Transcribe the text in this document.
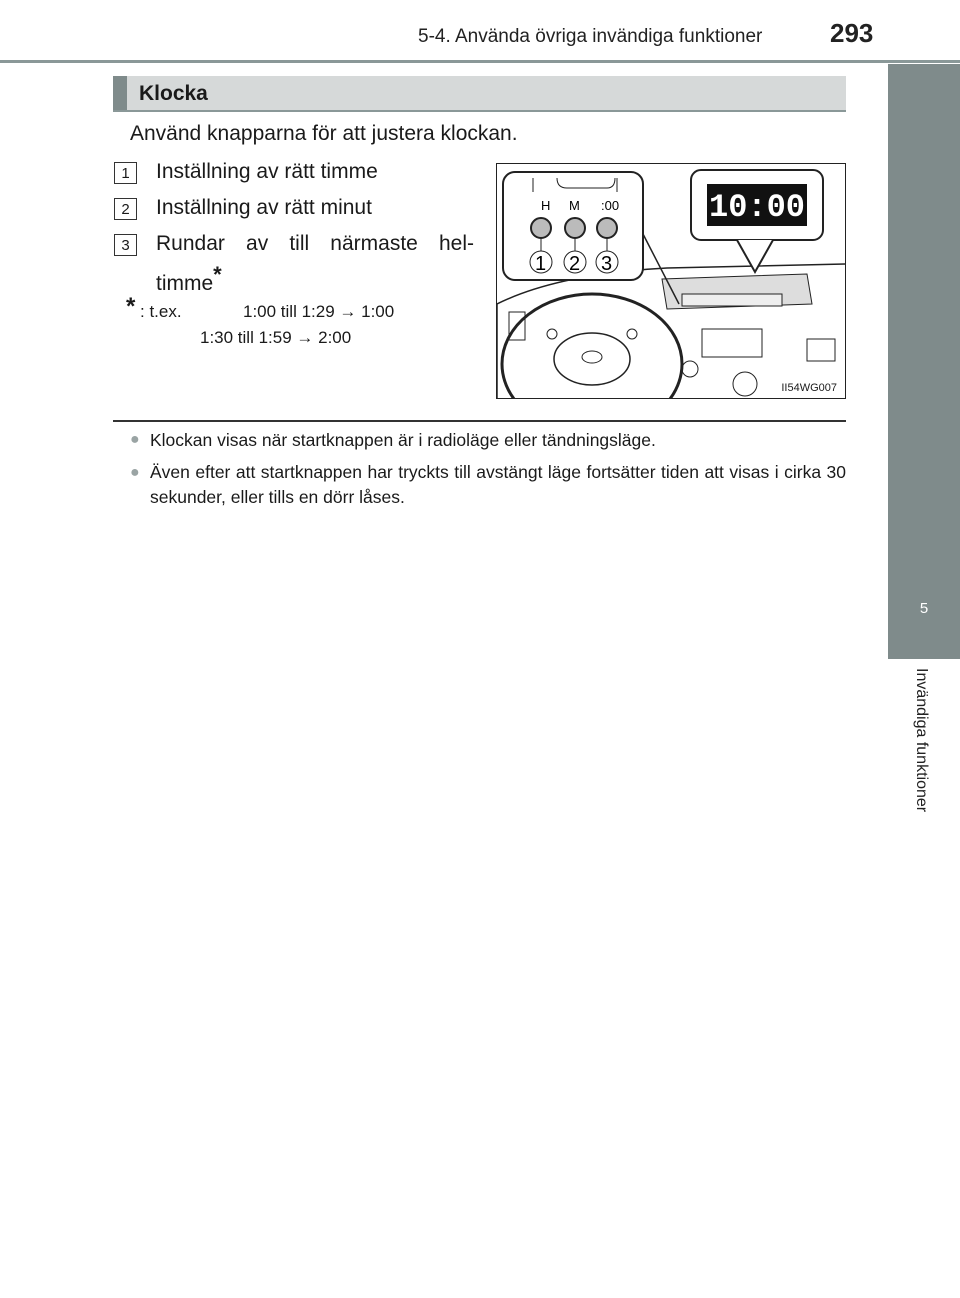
5-4. Använda övriga invändiga funktioner	293
5
Invändiga funktioner
Klocka
Använd knapparna för att justera klockan.
1	Inställning av rätt timme
2	Inställning av rätt minut
3	Rundar av till närmaste hel-
timme*
* : t.ex.	1:00 till 1:29 → 1:00
1:30 till 1:59 → 2:00
H M :00
1 2 3
10:00
II54WG007
● Klockan visas när startknappen är i radioläge eller tändningsläge.
● Även efter att startknappen har tryckts till avstängt läge fortsätter tiden att visas i cirka 30 sekunder, eller tills en dörr låses.
